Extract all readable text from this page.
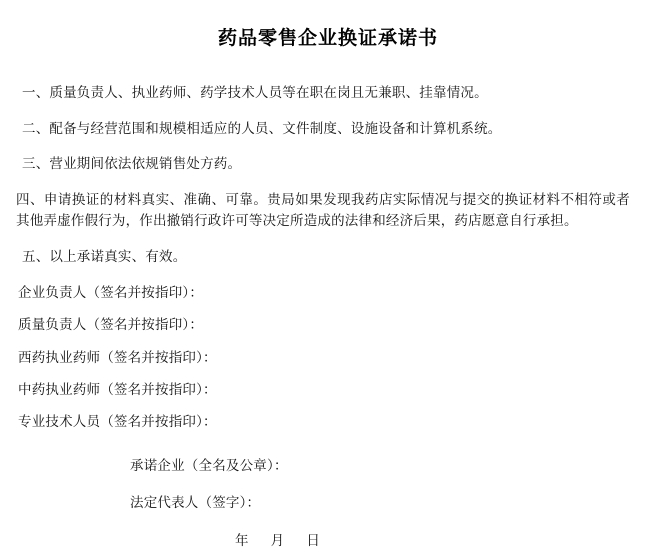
药品零售企业换证承诺书

一、质量负责人、执业药师、药学技术人员等在职在岗且无兼职、挂靠情况。

二、配备与经营范围和规模相适应的人员、文件制度、设施设备和计算机系统。

三、营业期间依法依规销售处方药。

四、申请换证的材料真实、准确、可靠。贵局如果发现我药店实际情况与提交的换证材料不相符或者其他弄虚作假行为，作出撤销行政许可等决定所造成的法律和经济后果，药店愿意自行承担。

五、以上承诺真实、有效。

企业负责人（签名并按指印）：

质量负责人（签名并按指印）：

西药执业药师（签名并按指印）：

中药执业药师（签名并按指印）：

专业技术人员（签名并按指印）：

承诺企业（全名及公章）：

法定代表人（签字）：

年 月 日
